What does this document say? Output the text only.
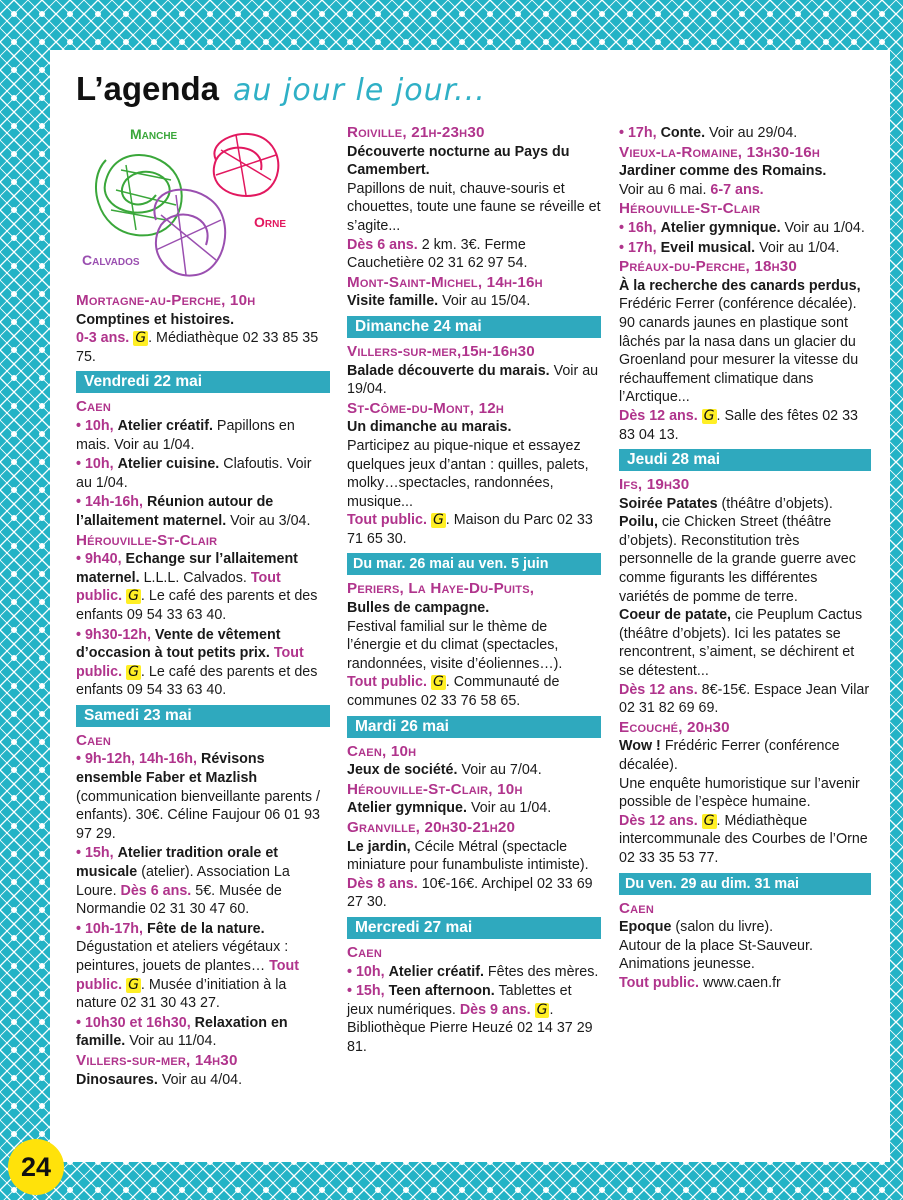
L’agenda au jour le jour...
Manche
Orne
Calvados
Mortagne-au-Perche, 10h
Comptines et histoires.
0-3 ans. G . Médiathèque 02 33 85 35 75.
Vendredi 22 mai
Caen
• 10h, Atelier créatif. Papillons en mais. Voir au 1/04.
• 10h, Atelier cuisine. Clafoutis. Voir au 1/04.
• 14h-16h, Réunion autour de l’allaitement maternel. Voir au 3/04.
Hérouville-St-Clair
• 9h40, Echange sur l’allaitement maternel. L.L.L. Calvados. Tout public. G . Le café des parents et des enfants 09 54 33 63 40.
• 9h30-12h, Vente de vêtement d’occasion à tout petits prix. Tout public. G . Le café des parents et des enfants 09 54 33 63 40.
Samedi 23 mai
Caen
• 9h-12h, 14h-16h, Révisons ensemble Faber et Mazlish (communication bienveillante parents / enfants). 30€. Céline Faujour 06 01 93 97 29.
• 15h, Atelier tradition orale et musicale (atelier). Association La Loure. Dès 6 ans. 5€. Musée de Normandie 02 31 30 47 60.
• 10h-17h, Fête de la nature. Dégustation et ateliers végétaux : peintures, jouets de plantes… Tout public. G . Musée d’initiation à la nature 02 31 30 43 27.
• 10h30 et 16h30, Relaxation en famille. Voir au 11/04.
Villers-sur-mer, 14h30
Dinosaures. Voir au 4/04.
Roiville, 21h-23h30
Découverte nocturne au Pays du Camembert.
Papillons de nuit, chauve-souris et chouettes, toute une faune se réveille et s’agite...
Dès 6 ans. 2 km. 3€. Ferme Cauchetière 02 31 62 97 54.
Mont-Saint-Michel, 14h-16h
Visite famille. Voir au 15/04.
Dimanche 24 mai
Villers-sur-mer,15h-16h30
Balade découverte du marais. Voir au 19/04.
St-Côme-du-Mont, 12h
Un dimanche au marais.
Participez au pique-nique et essayez quelques jeux d’antan : quilles, palets, molky…spectacles, randonnées, musique...
Tout public. G . Maison du Parc 02 33 71 65 30.
Du mar. 26 mai au ven. 5 juin
Periers, La Haye-Du-Puits,
Bulles de campagne.
Festival familial sur le thème de l’énergie et du climat (spectacles, randonnées, visite d’éoliennes…).
Tout public. G . Communauté de communes 02 33 76 58 65.
Mardi 26 mai
Caen, 10h
Jeux de société. Voir au 7/04.
Hérouville-St-Clair, 10h
Atelier gymnique. Voir au 1/04.
Granville, 20h30-21h20
Le jardin, Cécile Métral (spectacle miniature pour funambuliste intimiste).
Dès 8 ans. 10€-16€. Archipel 02 33 69 27 30.
Mercredi 27 mai
Caen
• 10h, Atelier créatif. Fêtes des mères.
• 15h, Teen afternoon. Tablettes et jeux numériques. Dès 9 ans. G . Bibliothèque Pierre Heuzé 02 14 37 29 81.
• 17h, Conte. Voir au 29/04.
Vieux-la-Romaine, 13h30-16h
Jardiner comme des Romains.
Voir au 6 mai. 6-7 ans.
Hérouville-St-Clair
• 16h, Atelier gymnique. Voir au 1/04.
• 17h, Eveil musical. Voir au 1/04.
Préaux-du-Perche, 18h30
À la recherche des canards perdus, Frédéric Ferrer (conférence décalée).
90 canards jaunes en plastique sont lâchés par la nasa dans un glacier du Groenland pour mesurer la vitesse du réchauffement climatique dans l’Arctique...
Dès 12 ans. G . Salle des fêtes 02 33 83 04 13.
Jeudi 28 mai
Ifs, 19h30
Soirée Patates (théâtre d’objets).
Poilu, cie Chicken Street (théâtre d’objets). Reconstitution très personnelle de la grande guerre avec comme figurants les différentes variétés de pomme de terre.
Coeur de patate, cie Peuplum Cactus (théâtre d’objets). Ici les patates se rencontrent, s’aiment, se déchirent et se détestent...
Dès 12 ans. 8€-15€. Espace Jean Vilar 02 31 82 69 69.
Ecouché, 20h30
Wow ! Frédéric Ferrer (conférence décalée).
Une enquête humoristique sur l’avenir possible de l’espèce humaine.
Dès 12 ans. G . Médiathèque intercommunale des Courbes de l’Orne 02 33 35 53 77.
Du ven. 29 au dim. 31 mai
Caen
Epoque (salon du livre).
Autour de la place St-Sauveur. Animations jeunesse.
Tout public. www.caen.fr
24
